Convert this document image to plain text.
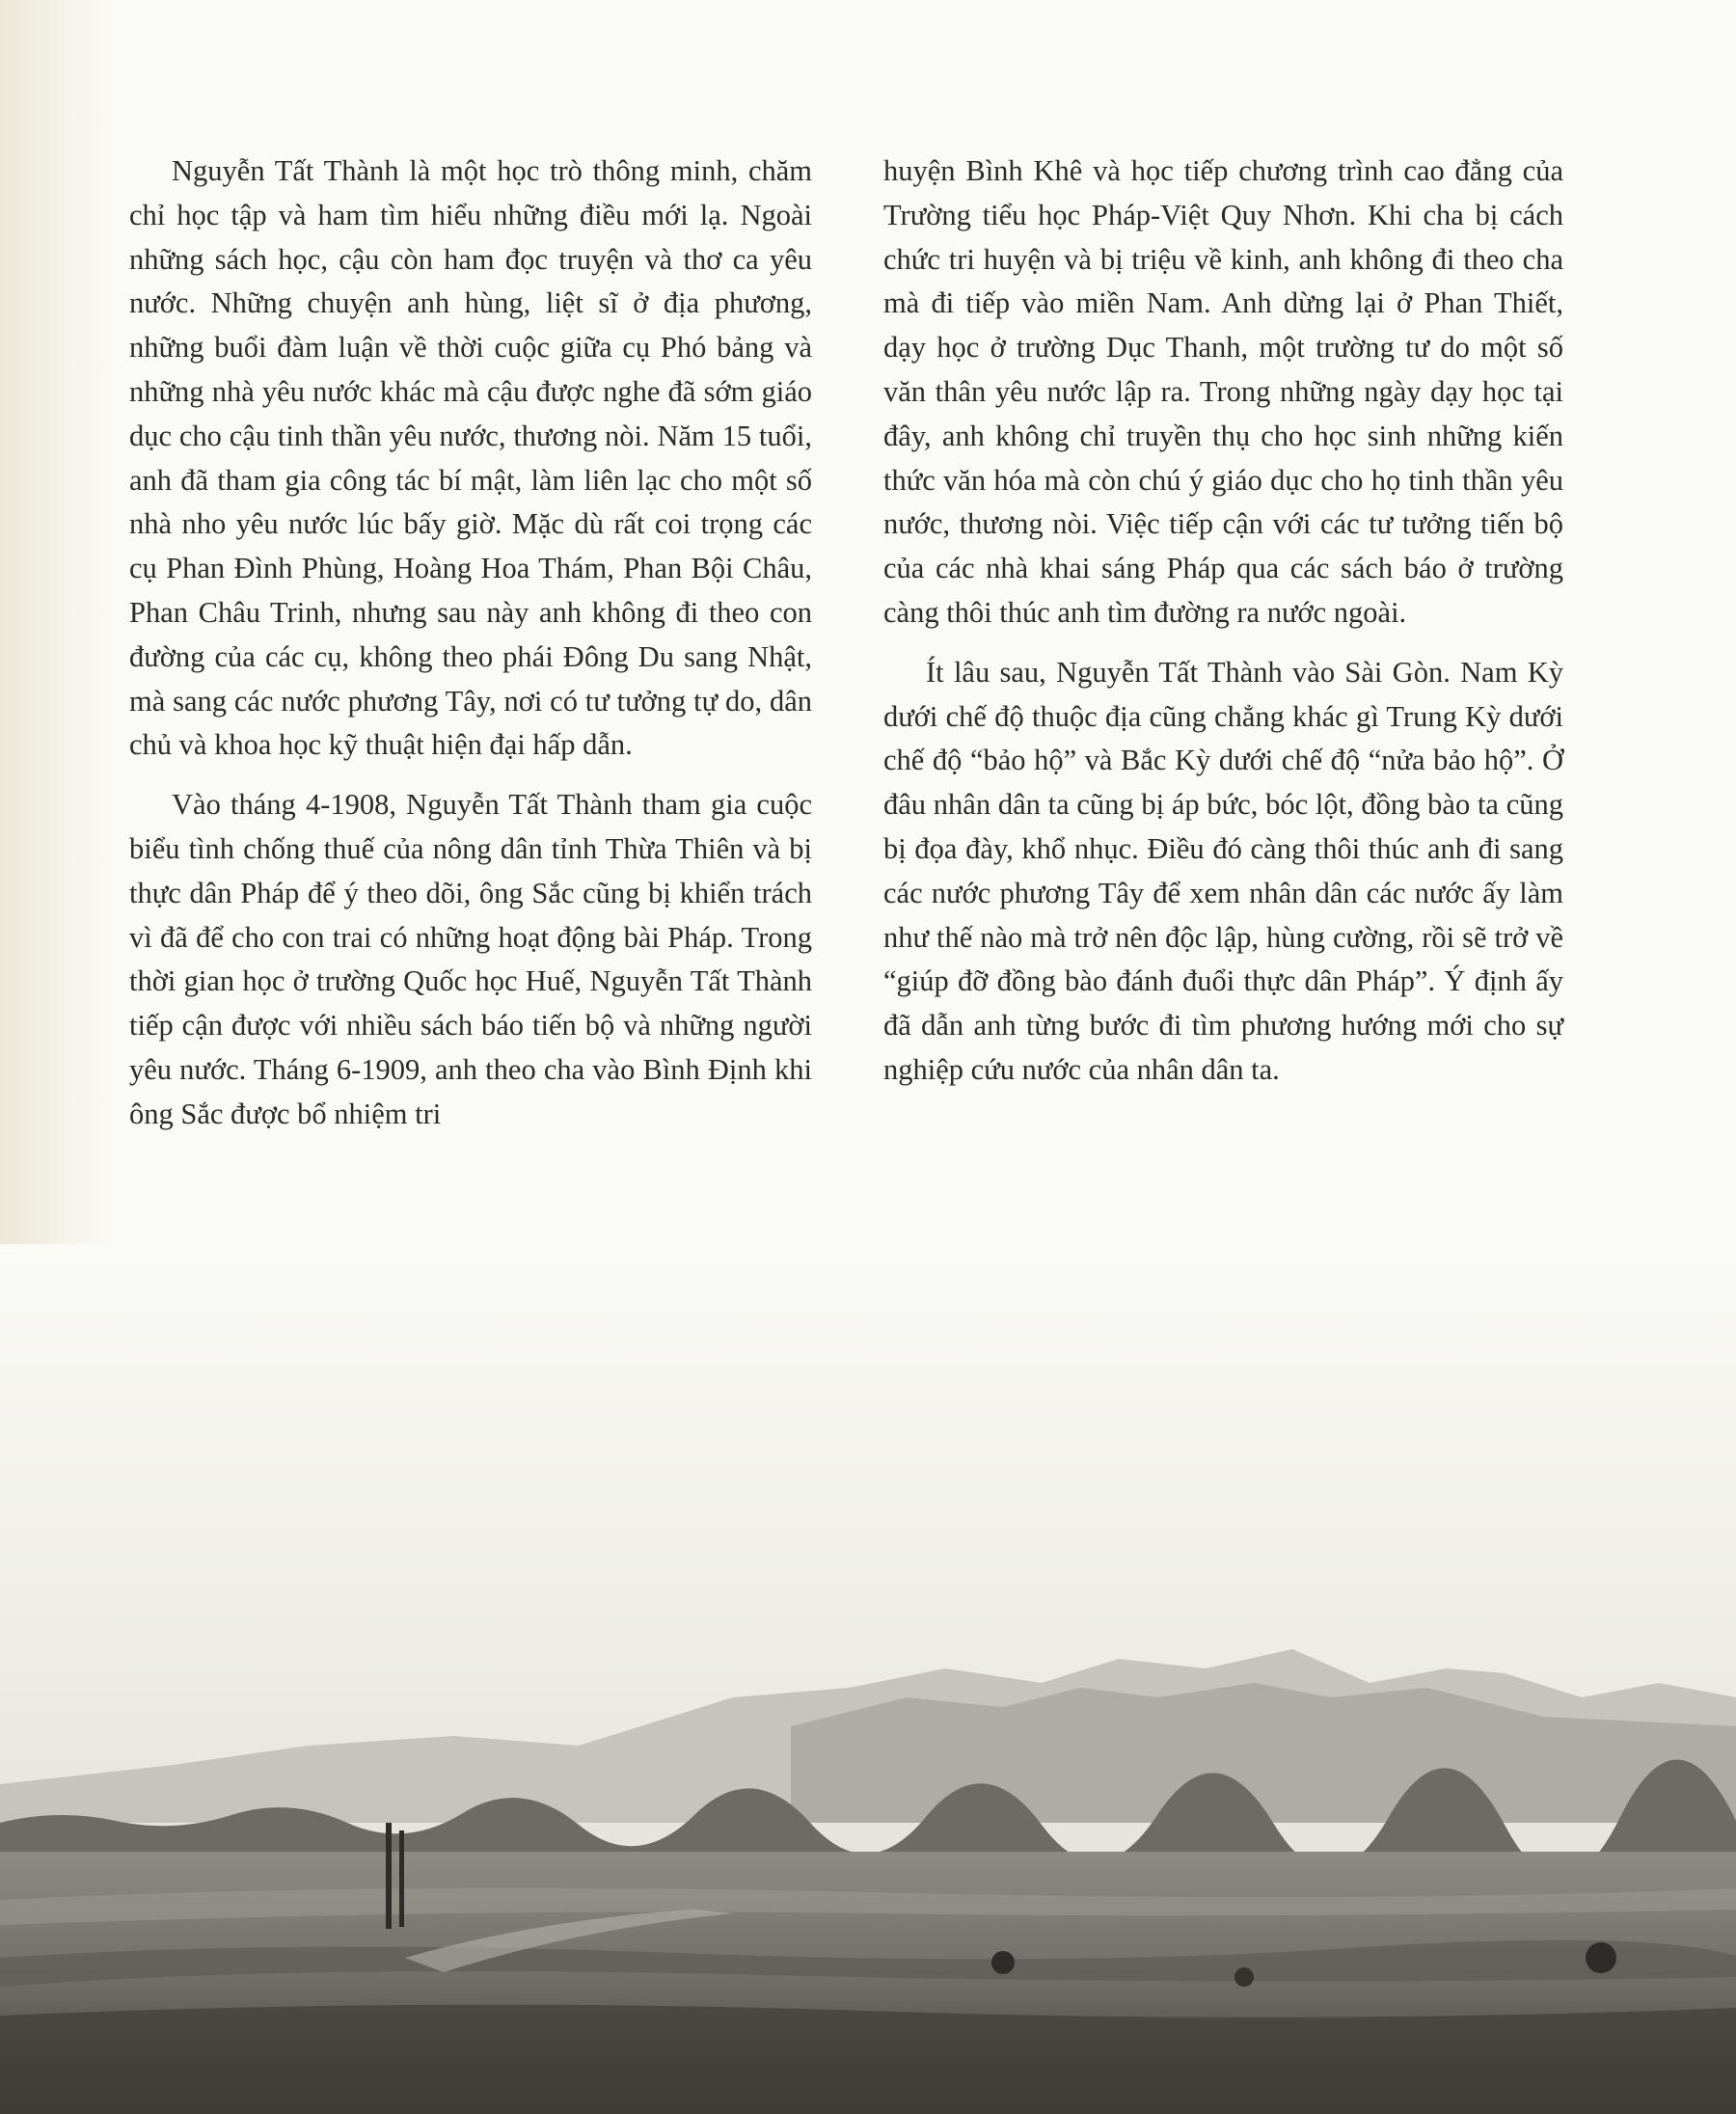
Nguyễn Tất Thành là một học trò thông minh, chăm chỉ học tập và ham tìm hiểu những điều mới lạ. Ngoài những sách học, cậu còn ham đọc truyện và thơ ca yêu nước. Những chuyện anh hùng, liệt sĩ ở địa phương, những buổi đàm luận về thời cuộc giữa cụ Phó bảng và những nhà yêu nước khác mà cậu được nghe đã sớm giáo dục cho cậu tinh thần yêu nước, thương nòi. Năm 15 tuổi, anh đã tham gia công tác bí mật, làm liên lạc cho một số nhà nho yêu nước lúc bấy giờ. Mặc dù rất coi trọng các cụ Phan Đình Phùng, Hoàng Hoa Thám, Phan Bội Châu, Phan Châu Trinh, nhưng sau này anh không đi theo con đường của các cụ, không theo phái Đông Du sang Nhật, mà sang các nước phương Tây, nơi có tư tưởng tự do, dân chủ và khoa học kỹ thuật hiện đại hấp dẫn.

Vào tháng 4-1908, Nguyễn Tất Thành tham gia cuộc biểu tình chống thuế của nông dân tỉnh Thừa Thiên và bị thực dân Pháp để ý theo dõi, ông Sắc cũng bị khiển trách vì đã để cho con trai có những hoạt động bài Pháp. Trong thời gian học ở trường Quốc học Huế, Nguyễn Tất Thành tiếp cận được với nhiều sách báo tiến bộ và những người yêu nước. Tháng 6-1909, anh theo cha vào Bình Định khi ông Sắc được bổ nhiệm tri

huyện Bình Khê và học tiếp chương trình cao đẳng của Trường tiểu học Pháp-Việt Quy Nhơn. Khi cha bị cách chức tri huyện và bị triệu về kinh, anh không đi theo cha mà đi tiếp vào miền Nam. Anh dừng lại ở Phan Thiết, dạy học ở trường Dục Thanh, một trường tư do một số văn thân yêu nước lập ra. Trong những ngày dạy học tại đây, anh không chỉ truyền thụ cho học sinh những kiến thức văn hóa mà còn chú ý giáo dục cho họ tinh thần yêu nước, thương nòi. Việc tiếp cận với các tư tưởng tiến bộ của các nhà khai sáng Pháp qua các sách báo ở trường càng thôi thúc anh tìm đường ra nước ngoài.

Ít lâu sau, Nguyễn Tất Thành vào Sài Gòn. Nam Kỳ dưới chế độ thuộc địa cũng chẳng khác gì Trung Kỳ dưới chế độ “bảo hộ” và Bắc Kỳ dưới chế độ “nửa bảo hộ”. Ở đâu nhân dân ta cũng bị áp bức, bóc lột, đồng bào ta cũng bị đọa đày, khổ nhục. Điều đó càng thôi thúc anh đi sang các nước phương Tây để xem nhân dân các nước ấy làm như thế nào mà trở nên độc lập, hùng cường, rồi sẽ trở về “giúp đỡ đồng bào đánh đuổi thực dân Pháp”. Ý định ấy đã dẫn anh từng bước đi tìm phương hướng mới cho sự nghiệp cứu nước của nhân dân ta.
